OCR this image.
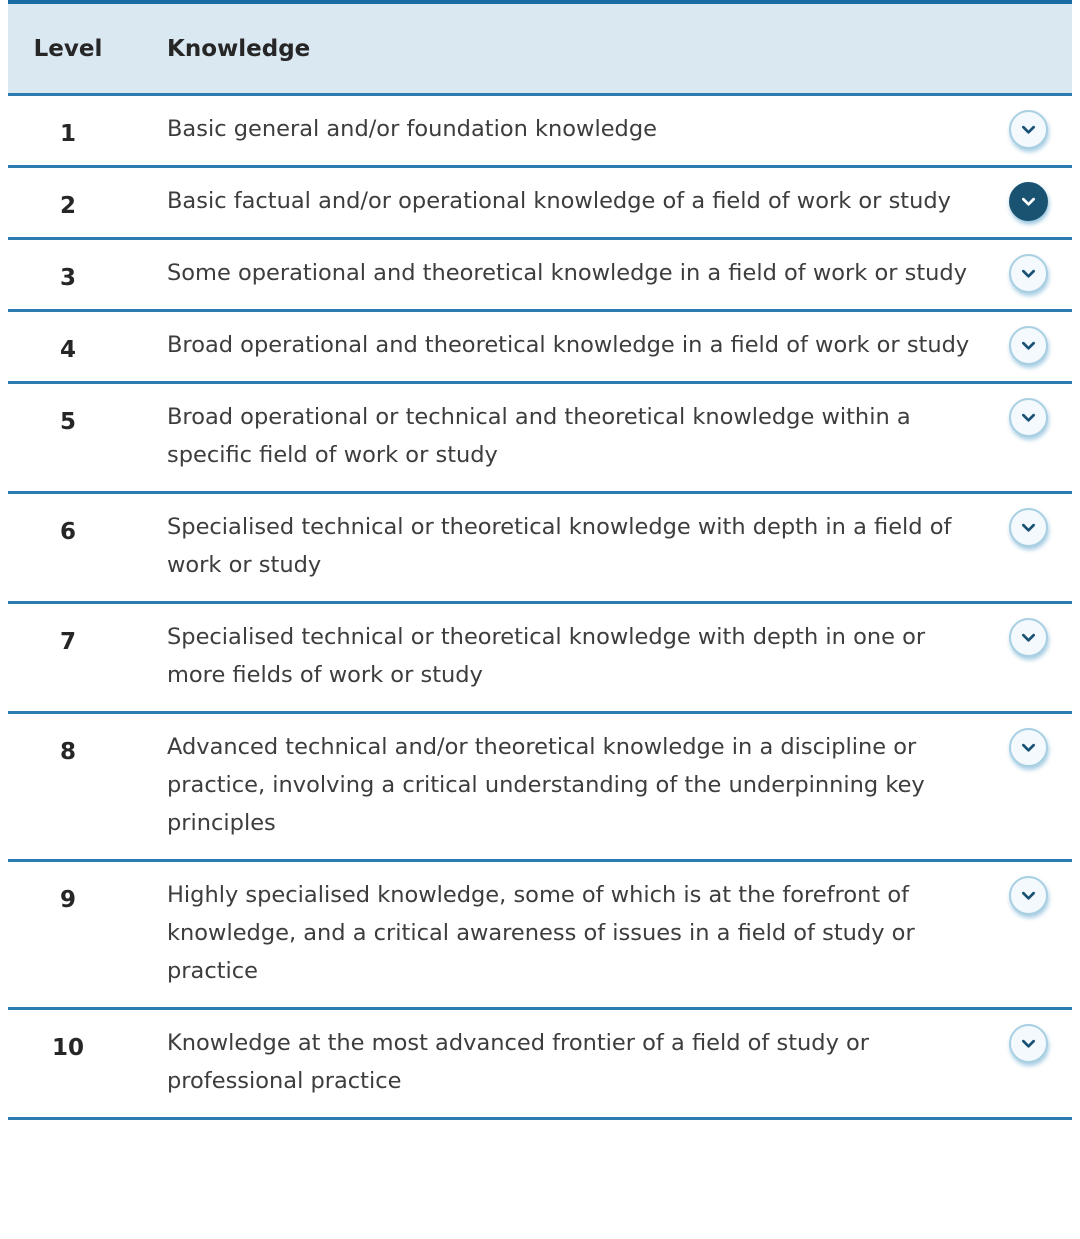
Level	Knowledge
1	Basic general and/or foundation knowledge
2	Basic factual and/or operational knowledge of a field of work or study
3	Some operational and theoretical knowledge in a field of work or study
4	Broad operational and theoretical knowledge in a field of work or study
5	Broad operational or technical and theoretical knowledge within a specific field of work or study
6	Specialised technical or theoretical knowledge with depth in a field of work or study
7	Specialised technical or theoretical knowledge with depth in one or more fields of work or study
8	Advanced technical and/or theoretical knowledge in a discipline or practice, involving a critical understanding of the underpinning key principles
9	Highly specialised knowledge, some of which is at the forefront of knowledge, and a critical awareness of issues in a field of study or practice
10	Knowledge at the most advanced frontier of a field of study or professional practice
